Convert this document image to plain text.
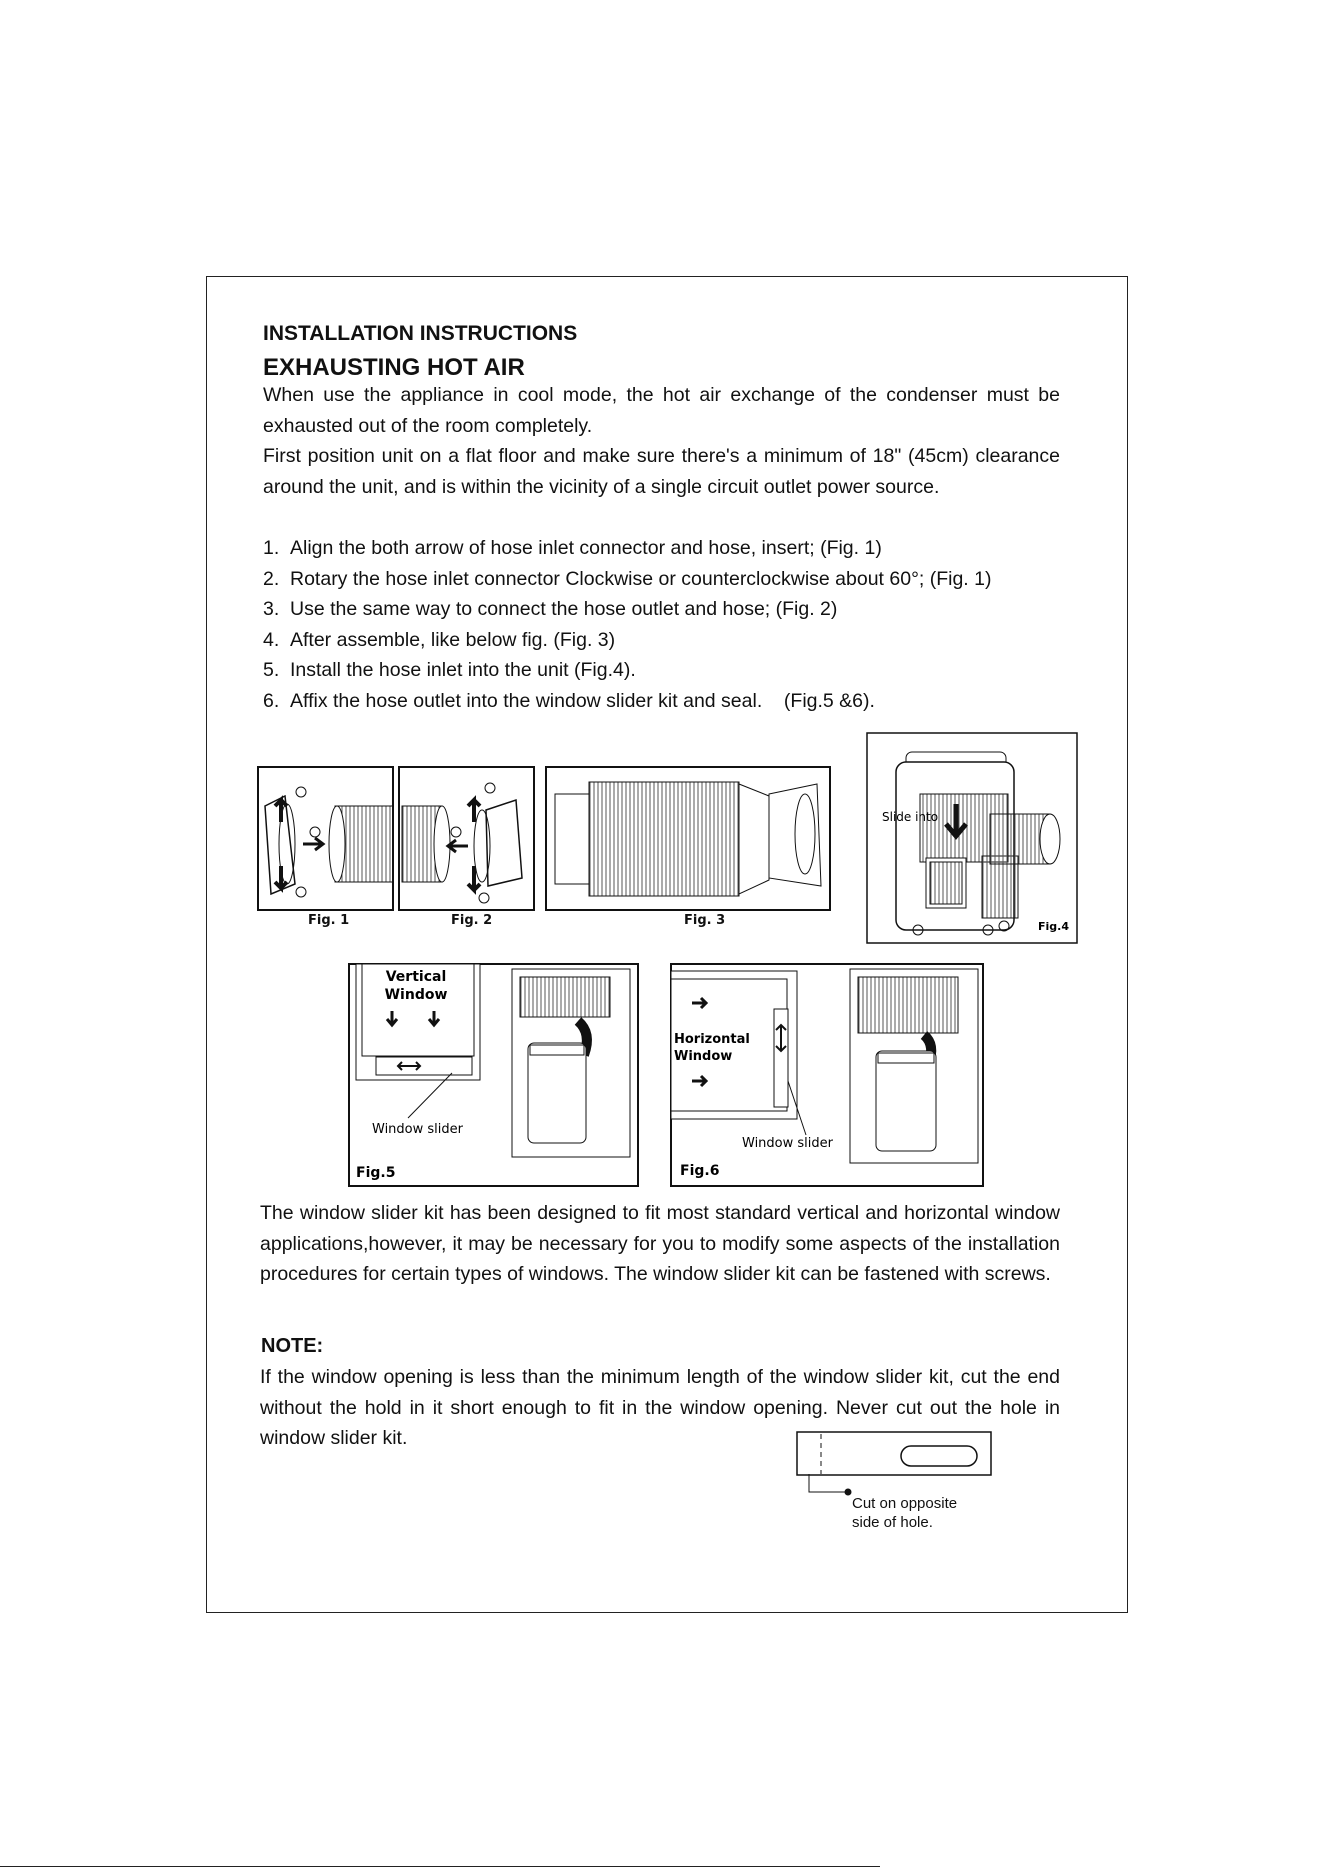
INSTALLATION INSTRUCTIONS
EXHAUSTING HOT AIR

When use the appliance in cool mode, the hot air exchange of the condenser must be exhausted out of the room completely.

First position unit on a flat floor and make sure there's a minimum of 18" (45cm) clearance around the unit, and is within the vicinity of a single circuit outlet power source.

1. Align the both arrow of hose inlet connector and hose, insert; (Fig. 1)
2. Rotary the hose inlet connector Clockwise or counterclockwise about 60°; (Fig. 1)
3. Use the same way to connect the hose outlet and hose; (Fig. 2)
4. After assemble, like below fig. (Fig. 3)
5. Install the hose inlet into the unit (Fig.4).
6. Affix the hose outlet into the window slider kit and seal.    (Fig.5 &6).
Fig. 1	Fig. 2	Fig. 3
Slide into
Fig.4
Vertical
Window
Window slider
Fig.5
Horizontal
Window
Window slider
Fig.6

The window slider kit has been designed to fit most standard vertical and horizontal window applications,however, it may be necessary for you to modify some aspects of the installation procedures for certain types of windows. The window slider kit can be fastened with screws.

NOTE:

If the window opening is less than the minimum length of the window slider kit, cut the end without the hold in it short enough to fit in the window opening. Never cut out the hole in window slider kit.

Cut on opposite
side of hole.
